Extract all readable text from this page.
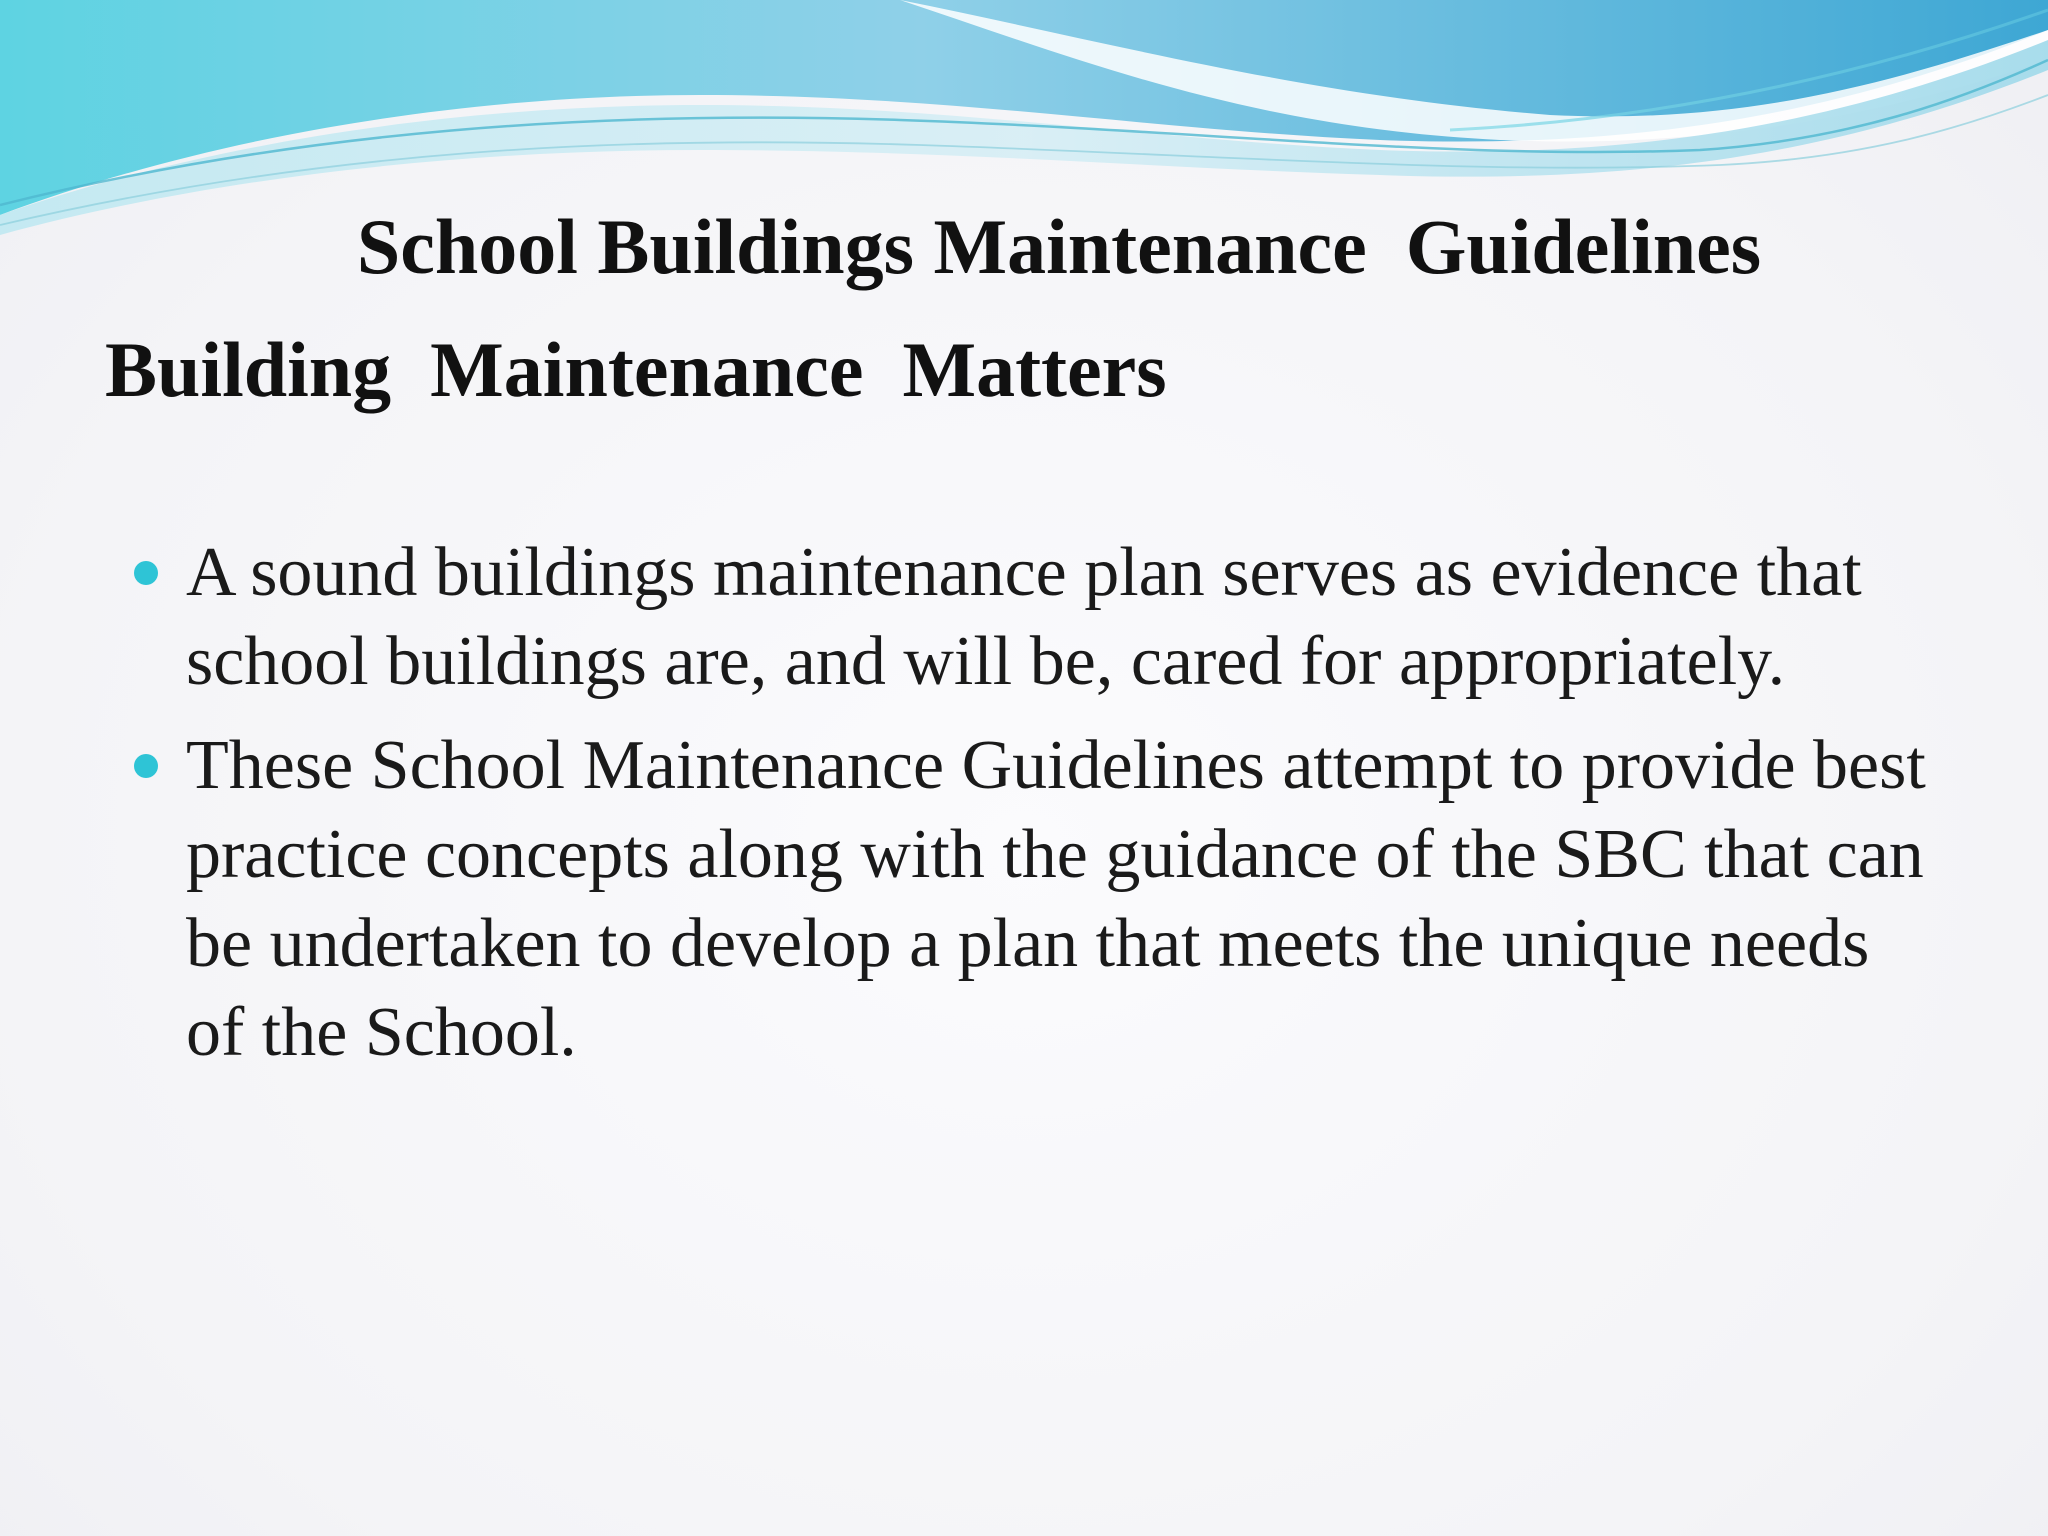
School Buildings Maintenance  Guidelines
Building  Maintenance  Matters
A sound buildings maintenance plan serves as evidence that school buildings are, and will be, cared for appropriately.
These School Maintenance Guidelines attempt to provide best practice concepts along with the guidance of the SBC that can be undertaken to develop a plan that meets the unique needs of the School.
